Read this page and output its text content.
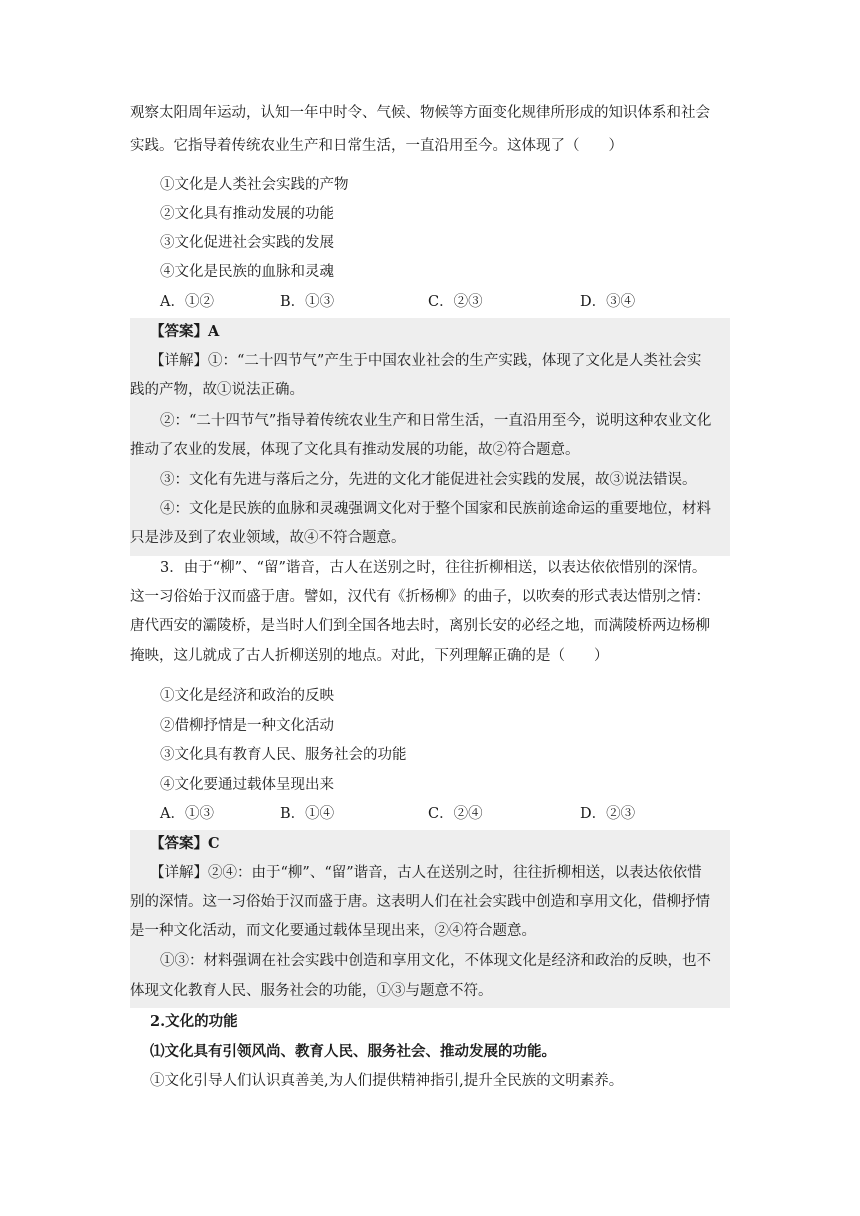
观察太阳周年运动，认知一年中时令、气候、物候等方面变化规律所形成的知识体系和社会
实践。它指导着传统农业生产和日常生活，一直沿用至今。这体现了（　　）
①文化是人类社会实践的产物
②文化具有推动发展的功能
③文化促进社会实践的发展
④文化是民族的血脉和灵魂
A．①②	B．①③	C．②③	D．③④
【答案】A
【详解】①：“二十四节气”产生于中国农业社会的生产实践，体现了文化是人类社会实
践的产物，故①说法正确。
②：“二十四节气”指导着传统农业生产和日常生活，一直沿用至今，说明这种农业文化
推动了农业的发展，体现了文化具有推动发展的功能，故②符合题意。
③：文化有先进与落后之分，先进的文化才能促进社会实践的发展，故③说法错误。
④：文化是民族的血脉和灵魂强调文化对于整个国家和民族前途命运的重要地位，材料
只是涉及到了农业领域，故④不符合题意。
3．由于“柳”、“留”谐音，古人在送别之时，往往折柳相送，以表达依依惜别的深情。
这一习俗始于汉而盛于唐。譬如，汉代有《折杨柳》的曲子，以吹奏的形式表达惜别之情：
唐代西安的灞陵桥，是当时人们到全国各地去时，离别长安的必经之地，而满陵桥两边杨柳
掩映，这儿就成了古人折柳送别的地点。对此，下列理解正确的是（　　）
①文化是经济和政治的反映
②借柳抒情是一种文化活动
③文化具有教育人民、服务社会的功能
④文化要通过载体呈现出来
A．①③	B．①④	C．②④	D．②③
【答案】C
【详解】②④：由于“柳”、“留”谐音，古人在送别之时，往往折柳相送，以表达依依惜
别的深情。这一习俗始于汉而盛于唐。这表明人们在社会实践中创造和享用文化，借柳抒情
是一种文化活动，而文化要通过载体呈现出来，②④符合题意。
①③：材料强调在社会实践中创造和享用文化，不体现文化是经济和政治的反映，也不
体现文化教育人民、服务社会的功能，①③与题意不符。
2.文化的功能
⑴文化具有引领风尚、教育人民、服务社会、推动发展的功能。
①文化引导人们认识真善美,为人们提供精神指引,提升全民族的文明素养。
